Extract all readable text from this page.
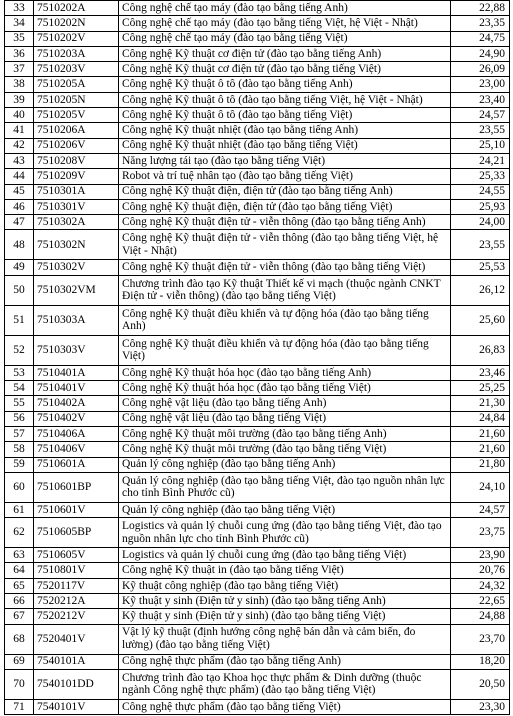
33	7510202A	Công nghệ chế tạo máy (đào tạo bằng tiếng Anh)	22,88
34	7510202N	Công nghệ chế tạo máy (đào tạo bằng tiếng Việt, hệ Việt - Nhật)	23,35
35	7510202V	Công nghệ chế tạo máy (đào tạo bằng tiếng Việt)	24,75
36	7510203A	Công nghệ Kỹ thuật cơ điện tử (đào tạo bằng tiếng Anh)	24,90
37	7510203V	Công nghệ Kỹ thuật cơ điện tử (đào tạo bằng tiếng Việt)	26,09
38	7510205A	Công nghệ Kỹ thuật ô tô (đào tạo bằng tiếng Anh)	23,00
39	7510205N	Công nghệ Kỹ thuật ô tô (đào tạo bằng tiếng Việt, hệ Việt - Nhật)	23,40
40	7510205V	Công nghệ Kỹ thuật ô tô (đào tạo bằng tiếng Việt)	24,57
41	7510206A	Công nghệ Kỹ thuật nhiệt (đào tạo bằng tiếng Anh)	23,55
42	7510206V	Công nghệ Kỹ thuật nhiệt (đào tạo bằng tiếng Việt)	25,10
43	7510208V	Năng lượng tái tạo (đào tạo bằng tiếng Việt)	24,21
44	7510209V	Robot và trí tuệ nhân tạo (đào tạo bằng tiếng Việt)	25,33
45	7510301A	Công nghệ Kỹ thuật điện, điện tử (đào tạo bằng tiếng Anh)	24,55
46	7510301V	Công nghệ Kỹ thuật điện, điện tử (đào tạo bằng tiếng Việt)	25,93
47	7510302A	Công nghệ Kỹ thuật điện tử - viễn thông (đào tạo bằng tiếng Anh)	24,00
48	7510302N	Công nghệ Kỹ thuật điện tử - viễn thông (đào tạo bằng tiếng Việt, hệ Việt - Nhật)	23,55
49	7510302V	Công nghệ Kỹ thuật điện tử - viễn thông (đào tạo bằng tiếng Việt)	25,53
50	7510302VM	Chương trình đào tạo Kỹ thuật Thiết kế vi mạch (thuộc ngành CNKT Điện tử - viễn thông) (đào tạo bằng tiếng Việt)	26,12
51	7510303A	Công nghệ Kỹ thuật điều khiển và tự động hóa (đào tạo bằng tiếng Anh)	25,60
52	7510303V	Công nghệ Kỹ thuật điều khiển và tự động hóa (đào tạo bằng tiếng Việt)	26,83
53	7510401A	Công nghệ Kỹ thuật hóa học (đào tạo bằng tiếng Anh)	23,46
54	7510401V	Công nghệ Kỹ thuật hóa học (đào tạo bằng tiếng Việt)	25,25
55	7510402A	Công nghệ vật liệu (đào tạo bằng tiếng Anh)	21,30
56	7510402V	Công nghệ vật liệu (đào tạo bằng tiếng Việt)	24,84
57	7510406A	Công nghệ Kỹ thuật môi trường (đào tạo bằng tiếng Anh)	21,60
58	7510406V	Công nghệ Kỹ thuật môi trường (đào tạo bằng tiếng Việt)	21,60
59	7510601A	Quản lý công nghiệp (đào tạo bằng tiếng Anh)	21,80
60	7510601BP	Quản lý công nghiệp (đào tạo bằng tiếng Việt, đào tạo nguồn nhân lực cho tỉnh Bình Phước cũ)	24,10
61	7510601V	Quản lý công nghiệp (đào tạo bằng tiếng Việt)	24,57
62	7510605BP	Logistics và quản lý chuỗi cung ứng (đào tạo bằng tiếng Việt, đào tạo nguồn nhân lực cho tỉnh Bình Phước cũ)	23,75
63	7510605V	Logistics và quản lý chuỗi cung ứng (đào tạo bằng tiếng Việt)	23,90
64	7510801V	Công nghệ Kỹ thuật in (đào tạo bằng tiếng Việt)	20,76
65	7520117V	Kỹ thuật công nghiệp (đào tạo bằng tiếng Việt)	24,32
66	7520212A	Kỹ thuật y sinh (Điện tử y sinh) (đào tạo bằng tiếng Anh)	22,65
67	7520212V	Kỹ thuật y sinh (Điện tử y sinh) (đào tạo bằng tiếng Việt)	24,88
68	7520401V	Vật lý kỹ thuật (định hướng công nghệ bán dẫn và cảm biến, đo lường) (đào tạo bằng tiếng Việt)	23,70
69	7540101A	Công nghệ thực phẩm (đào tạo bằng tiếng Anh)	18,20
70	7540101DD	Chương trình đào tạo Khoa học thực phẩm & Dinh dưỡng (thuộc ngành Công nghệ thực phẩm) (đào tạo bằng tiếng Việt)	20,50
71	7540101V	Công nghệ thực phẩm (đào tạo bằng tiếng Việt)	23,30
